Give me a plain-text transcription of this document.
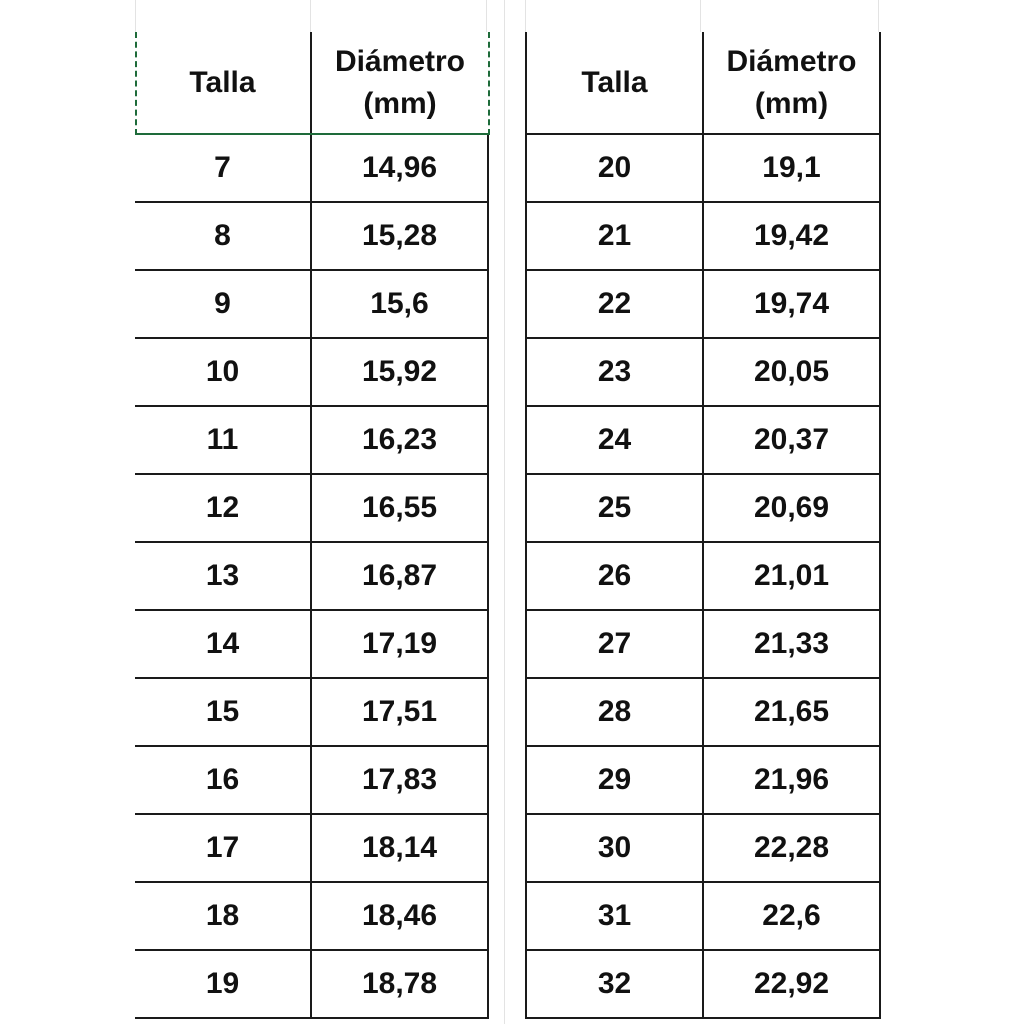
Talla	Diámetro
(mm)

7	14,96
8	15,28
9	15,6
10	15,92
11	16,23
12	16,55
13	16,87
14	17,19
15	17,51
16	17,83
17	18,14
18	18,46
19	18,78
Talla	Diámetro
(mm)

20	19,1
21	19,42
22	19,74
23	20,05
24	20,37
25	20,69
26	21,01
27	21,33
28	21,65
29	21,96
30	22,28
31	22,6
32	22,92
